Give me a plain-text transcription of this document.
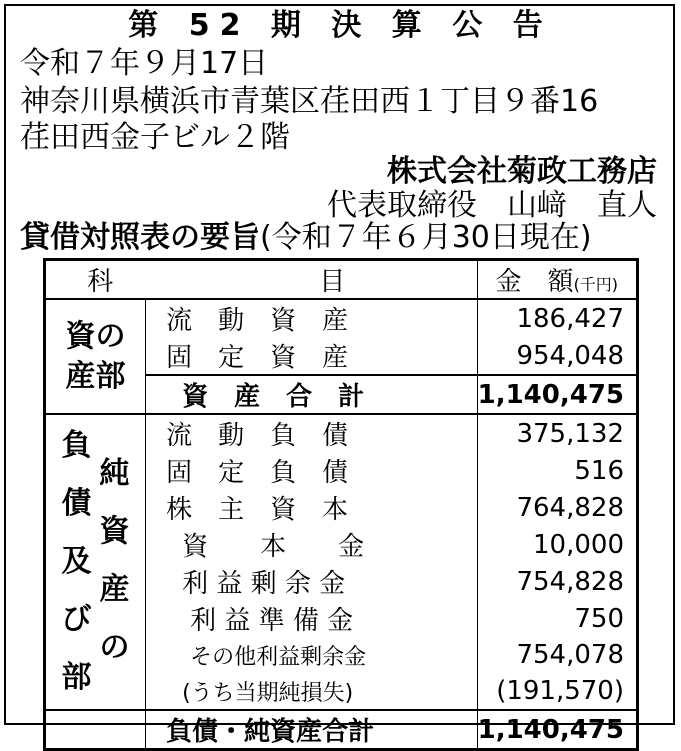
第 52 期 決 算 公 告
令和７年９月17日
神奈川県横浜市青葉区荏田西１丁目９番16
荏田西金子ビル２階
株式会社菊政工務店
代表取締役　山﨑　直人
貸借対照表の要旨(令和７年６月30日現在)
科　目		金　額(千円)
資の産部	流　動　資　産	186,427
	固　定　資　産	954,048
	資　産　合　計	1,140,475

負債及び部
純資産の	流　動　負　債	375,132
	固　定　負　債	516
	株　主　資　本	764,828
	資　　本　　金	10,000
	利 益 剰 余 金	754,828
	利 益 準 備 金	750
	その他利益剰余金	754,078
	(うち当期純損失)	(191,570)
	負債・純資産合計	1,140,475
